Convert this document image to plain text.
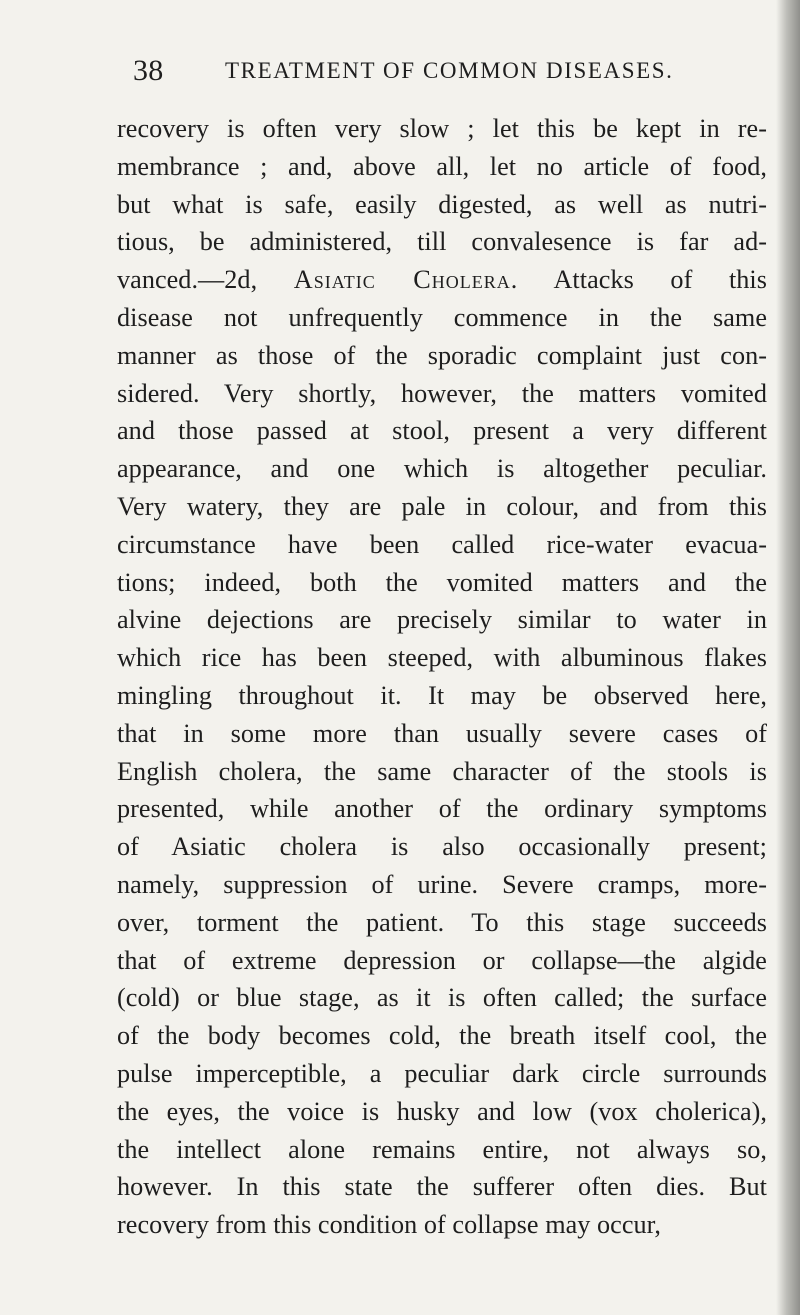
38	TREATMENT OF COMMON DISEASES.
recovery is often very slow ; let this be kept in re-
membrance ; and, above all, let no article of food,
but what is safe, easily digested, as well as nutri-
tious, be administered, till convalesence is far ad-
vanced.—2d, Asiatic Cholera. Attacks of this
disease not unfrequently commence in the same
manner as those of the sporadic complaint just con-
sidered. Very shortly, however, the matters vomited
and those passed at stool, present a very different
appearance, and one which is altogether peculiar.
Very watery, they are pale in colour, and from this
circumstance have been called rice-water evacua-
tions; indeed, both the vomited matters and the
alvine dejections are precisely similar to water in
which rice has been steeped, with albuminous flakes
mingling throughout it. It may be observed here,
that in some more than usually severe cases of
English cholera, the same character of the stools is
presented, while another of the ordinary symptoms
of Asiatic cholera is also occasionally present;
namely, suppression of urine. Severe cramps, more-
over, torment the patient. To this stage succeeds
that of extreme depression or collapse—the algide
(cold) or blue stage, as it is often called; the surface
of the body becomes cold, the breath itself cool, the
pulse imperceptible, a peculiar dark circle surrounds
the eyes, the voice is husky and low (vox cholerica),
the intellect alone remains entire, not always so,
however. In this state the sufferer often dies. But
recovery from this condition of collapse may occur,
